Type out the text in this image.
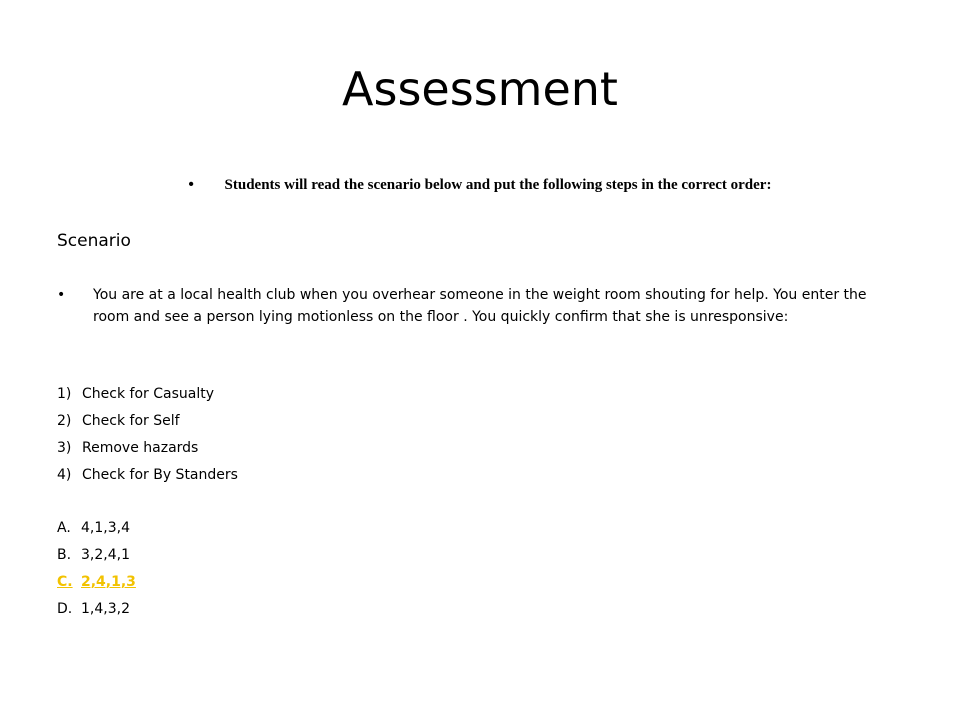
Assessment
• Students will read the scenario below and put the following steps in the correct order:
Scenario
•	You are at a local health club when you overhear someone in the weight room shouting for help. You enter the room and see a person lying motionless on the floor . You quickly confirm that she is unresponsive:
1) Check for Casualty
2) Check for Self
3) Remove hazards
4) Check for By Standers
A. 4,1,3,4
B. 3,2,4,1
C. 2,4,1,3
D. 1,4,3,2
